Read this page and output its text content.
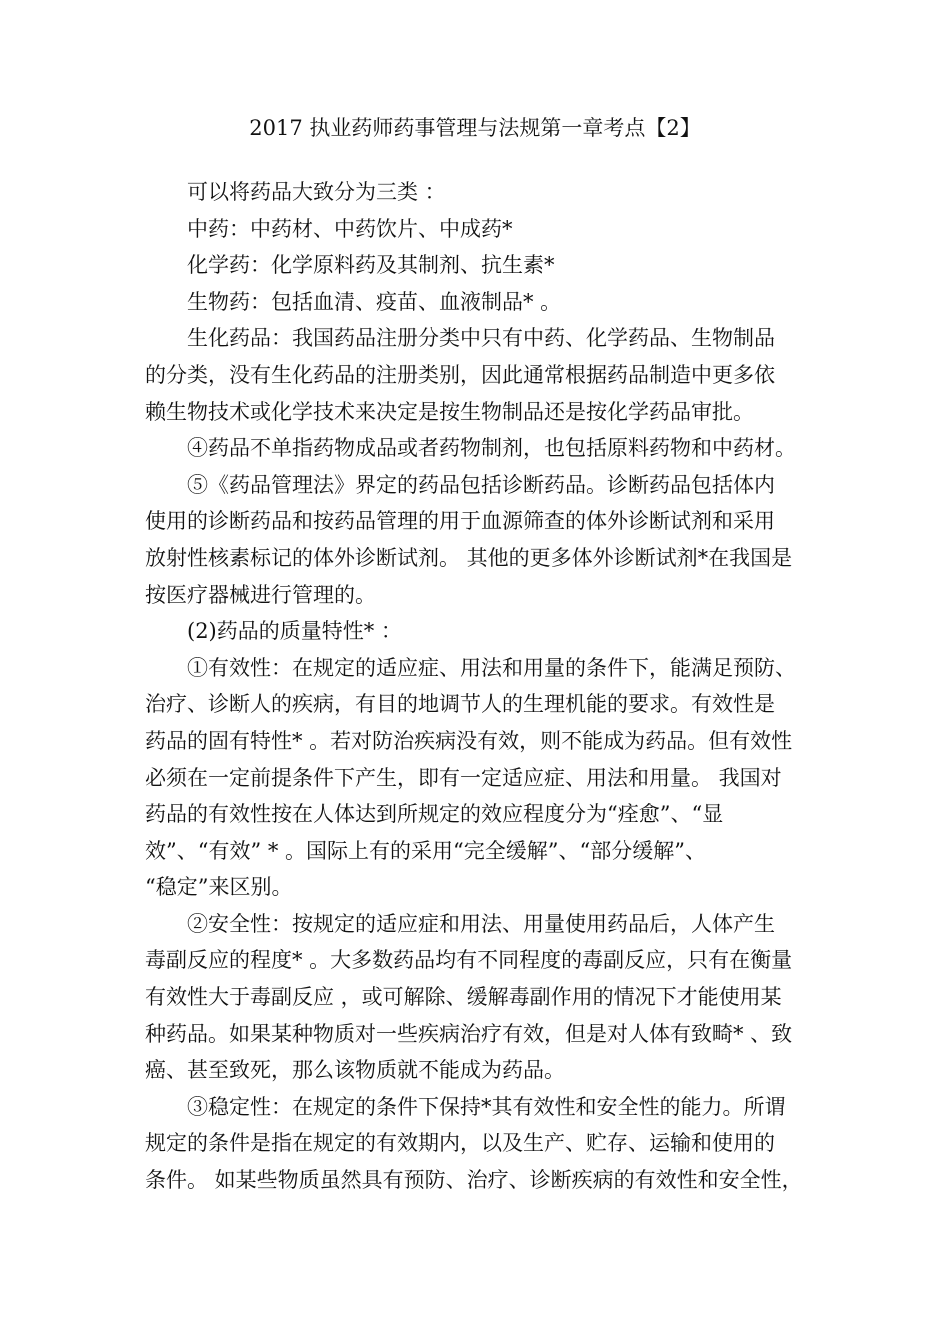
2017 执业药师药事管理与法规第一章考点【2】
可以将药品大致分为三类 ：
中药：中药材、中药饮片、中成药*
化学药：化学原料药及其制剂、抗生素*
生物药：包括血清、疫苗、血液制品* 。
生化药品：我国药品注册分类中只有中药、化学药品、生物制品
的分类，没有生化药品的注册类别，因此通常根据药品制造中更多依
赖生物技术或化学技术来决定是按生物制品还是按化学药品审批。
④药品不单指药物成品或者药物制剂，也包括原料药物和中药材。
⑤《药品管理法》界定的药品包括诊断药品。诊断药品包括体内
使用的诊断药品和按药品管理的用于血源筛查的体外诊断试剂和采用
放射性核素标记的体外诊断试剂。 其他的更多体外诊断试剂*在我国是
按医疗器械进行管理的。
(2)药品的质量特性* ：
①有效性：在规定的适应症、用法和用量的条件下，能满足预防、
治疗、诊断人的疾病，有目的地调节人的生理机能的要求。有效性是
药品的固有特性* 。若对防治疾病没有效，则不能成为药品。但有效性
必须在一定前提条件下产生，即有一定适应症、用法和用量。 我国对
药品的有效性按在人体达到所规定的效应程度分为“痊愈”、“显
效”、“有效” * 。国际上有的采用“完全缓解”、“部分缓解”、
“稳定”来区别。
②安全性：按规定的适应症和用法、用量使用药品后，人体产生
毒副反应的程度* 。大多数药品均有不同程度的毒副反应，只有在衡量
有效性大于毒副反应 ，或可解除、缓解毒副作用的情况下才能使用某
种药品。如果某种物质对一些疾病治疗有效，但是对人体有致畸* 、致
癌、甚至致死，那么该物质就不能成为药品。
③稳定性：在规定的条件下保持*其有效性和安全性的能力。所谓
规定的条件是指在规定的有效期内，以及生产、贮存、运输和使用的
条件。 如某些物质虽然具有预防、治疗、诊断疾病的有效性和安全性，
